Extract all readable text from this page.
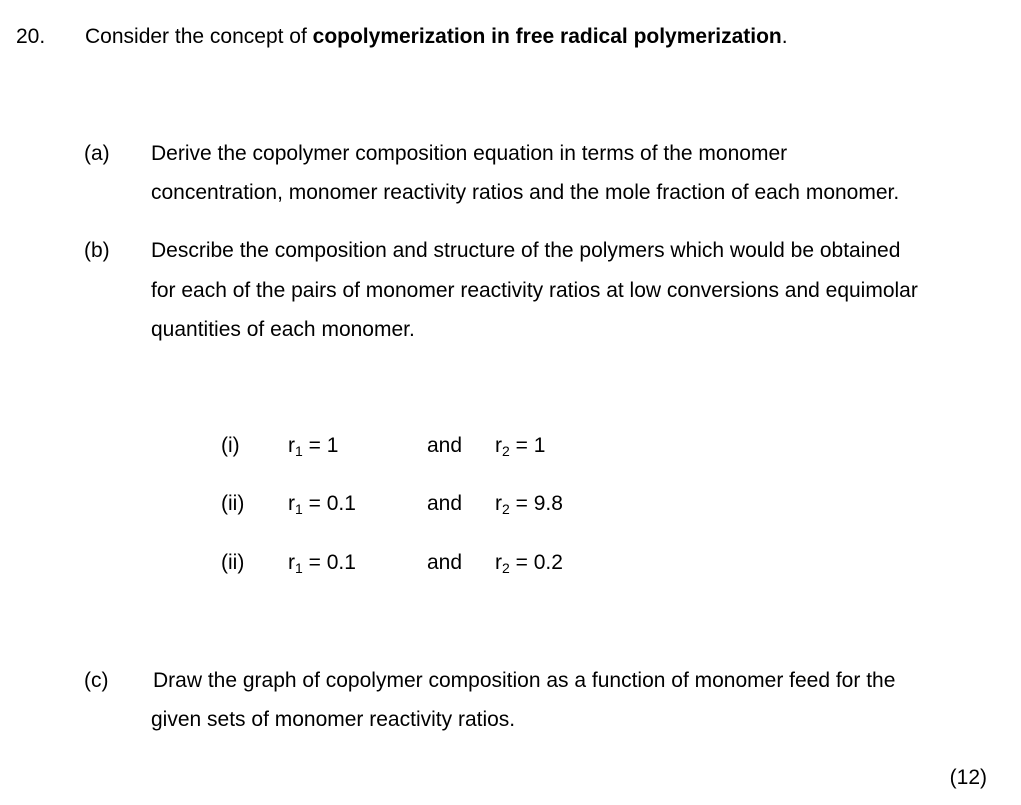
20. Consider the concept of copolymerization in free radical polymerization.
(a) Derive the copolymer composition equation in terms of the monomer
concentration, monomer reactivity ratios and the mole fraction of each monomer.
(b) Describe the composition and structure of the polymers which would be obtained
for each of the pairs of monomer reactivity ratios at low conversions and equimolar
quantities of each monomer.
(i) $r_1 = 1$	and $r_2 = 1$
(ii) $r_1 = 0.1$	and $r_2 = 9.8$
(ii) $r_1 = 0.1$	and $r_2 = 0.2$
(c) Draw the graph of copolymer composition as a function of monomer feed for the
given sets of monomer reactivity ratios.
(12)
